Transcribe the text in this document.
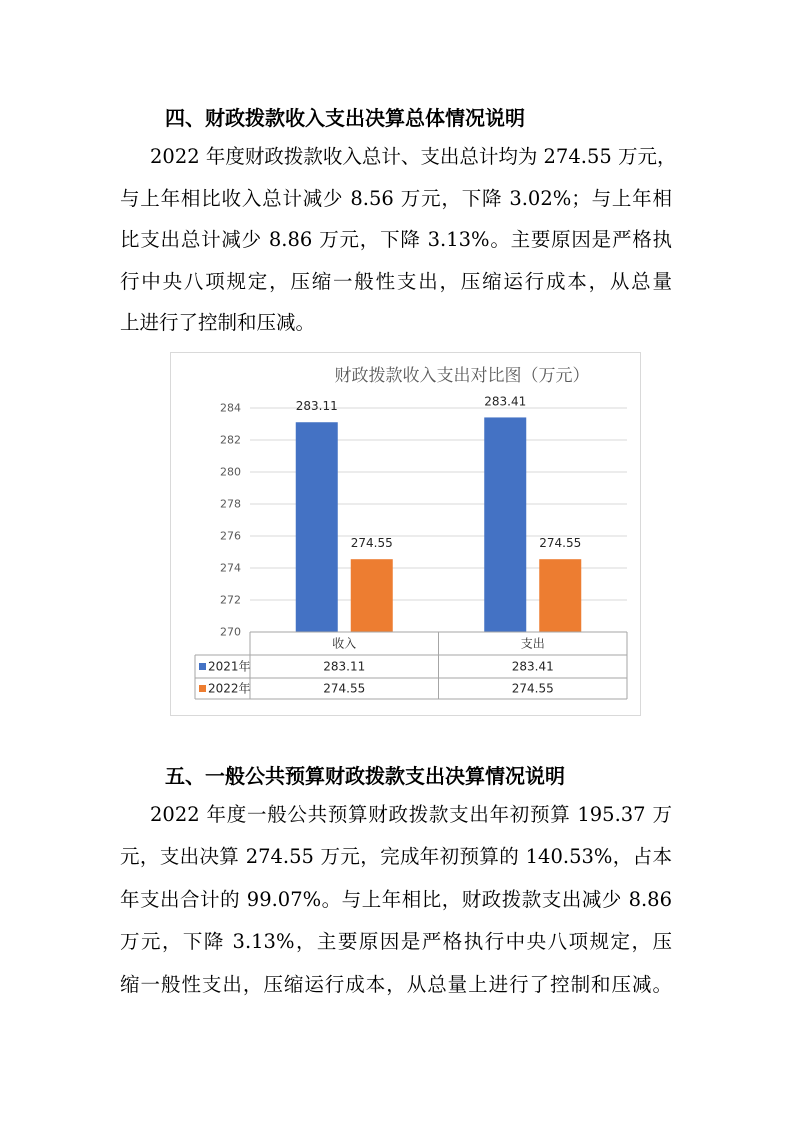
四、财政拨款收入支出决算总体情况说明
2022 年度财政拨款收入总计、支出总计均为 274.55 万元，
与上年相比收入总计减少 8.56 万元，下降 3.02%；与上年相
比支出总计减少 8.86 万元，下降 3.13%。主要原因是严格执
行中央八项规定，压缩一般性支出，压缩运行成本，从总量
上进行了控制和压减。
财政拨款收入支出对比图（万元）
270
272
274
276
278
280
282
284	283.11
274.55
283.41
274.55
收入	支出
2021年	283.11	283.41
2022年	274.55	274.55
五、一般公共预算财政拨款支出决算情况说明
2022 年度一般公共预算财政拨款支出年初预算 195.37 万
元，支出决算 274.55 万元，完成年初预算的 140.53%，占本
年支出合计的 99.07%。与上年相比，财政拨款支出减少 8.86
万元，下降 3.13%，主要原因是严格执行中央八项规定，压
缩一般性支出，压缩运行成本，从总量上进行了控制和压减。
